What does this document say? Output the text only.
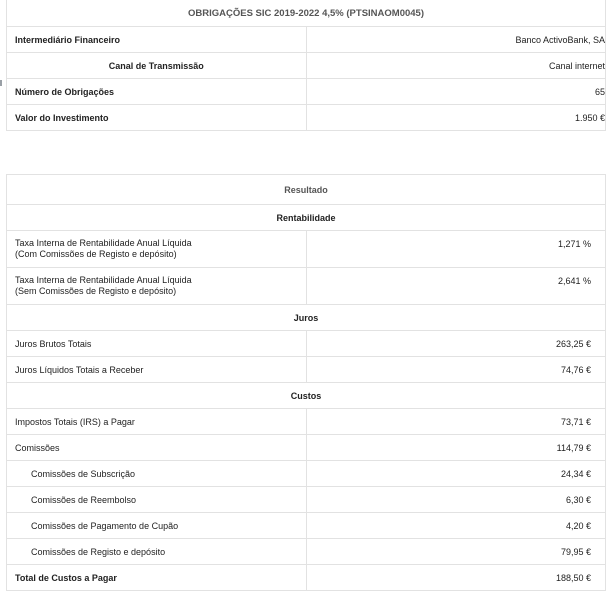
OBRIGAÇÕES SIC 2019-2022 4,5% (PTSINAOM0045)	
Intermediário Financeiro	Banco ActivoBank, SA
Canal de Transmissão	Canal internet
Número de Obrigações	65
Valor do Investimento	1.950 €
Resultado	
Rentabilidade	

Taxa Interna de Rentabilidade Anual Líquida
(Com Comissões de Registo e depósito)	1,271 %

Taxa Interna de Rentabilidade Anual Líquida
(Sem Comissões de Registo e depósito)	2,641 %
Juros	
Juros Brutos Totais	263,25 €
Juros Líquidos Totais a Receber	74,76 €
Custos	
Impostos Totais (IRS) a Pagar	73,71 €
Comissões	114,79 €
Comissões de Subscrição	24,34 €
Comissões de Reembolso	6,30 €
Comissões de Pagamento de Cupão	4,20 €
Comissões de Registo e depósito	79,95 €
Total de Custos a Pagar	188,50 €
